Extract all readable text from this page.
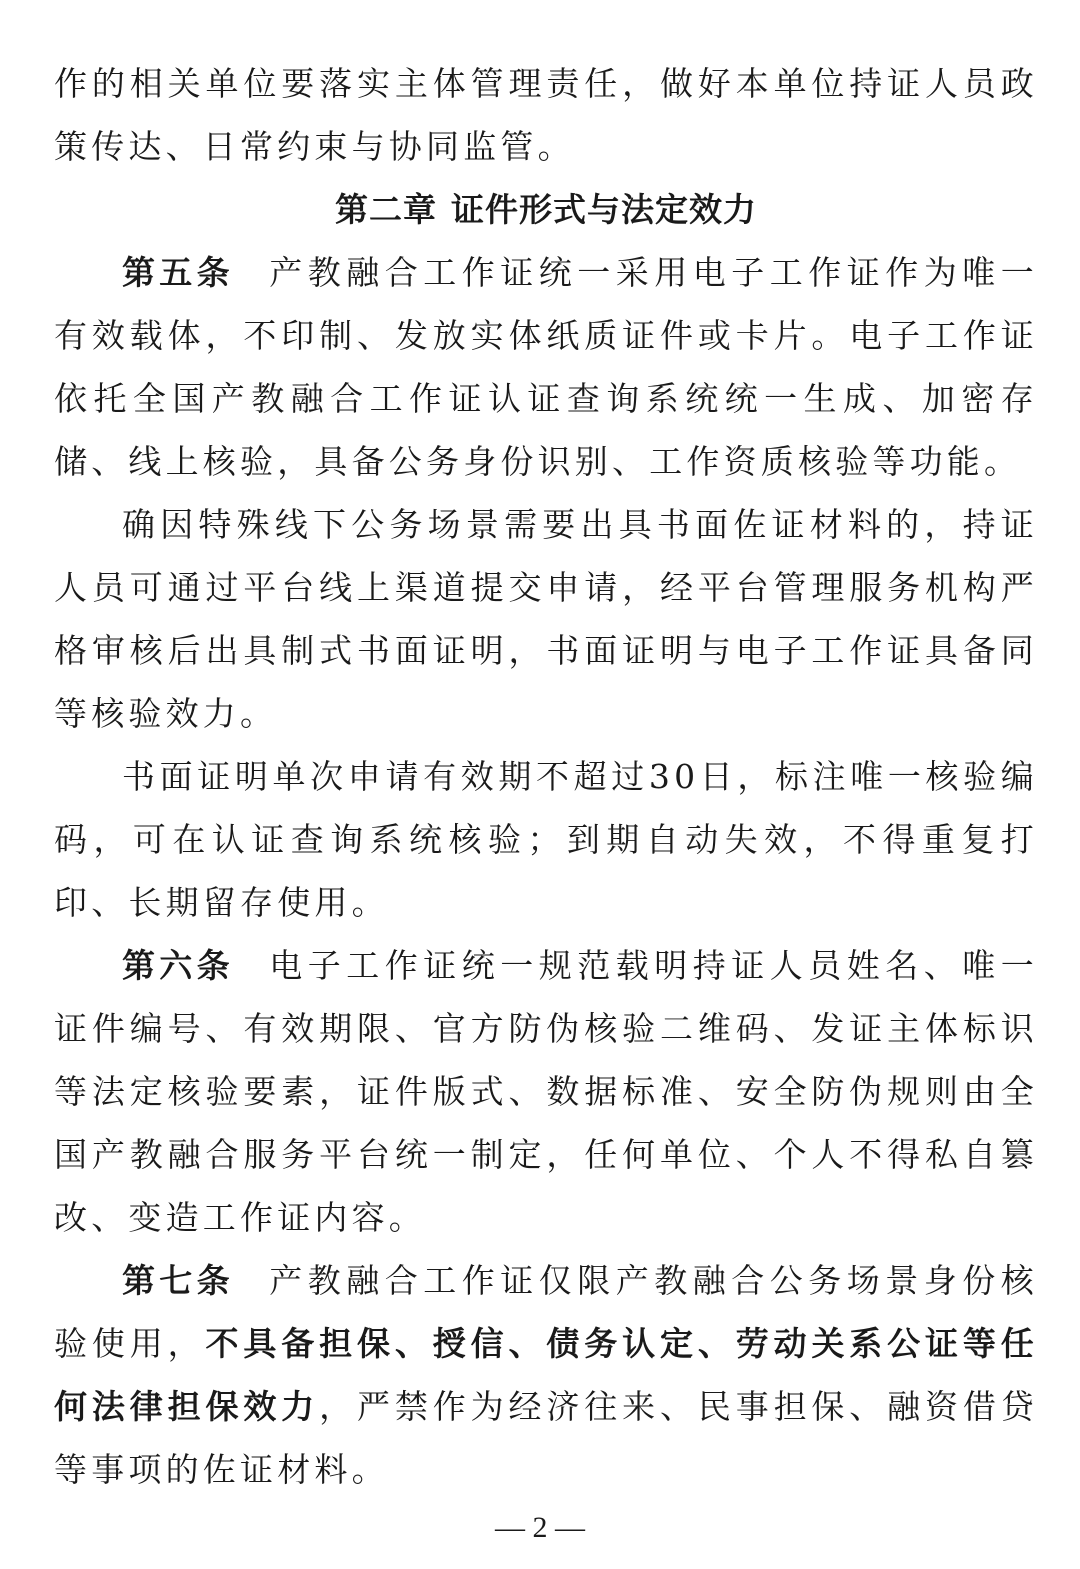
作的相关单位要落实主体管理责任，做好本单位持证人员政策传达、日常约束与协同监管。

第二章 证件形式与法定效力

第五条 产教融合工作证统一采用电子工作证作为唯一有效载体，不印制、发放实体纸质证件或卡片。电子工作证依托全国产教融合工作证认证查询系统统一生成、加密存储、线上核验，具备公务身份识别、工作资质核验等功能。

确因特殊线下公务场景需要出具书面佐证材料的，持证人员可通过平台线上渠道提交申请，经平台管理服务机构严格审核后出具制式书面证明，书面证明与电子工作证具备同等核验效力。

书面证明单次申请有效期不超过30日，标注唯一核验编码，可在认证查询系统核验；到期自动失效，不得重复打印、长期留存使用。

第六条 电子工作证统一规范载明持证人员姓名、唯一证件编号、有效期限、官方防伪核验二维码、发证主体标识等法定核验要素，证件版式、数据标准、安全防伪规则由全国产教融合服务平台统一制定，任何单位、个人不得私自篡改、变造工作证内容。

第七条 产教融合工作证仅限产教融合公务场景身份核验使用，不具备担保、授信、债务认定、劳动关系公证等任何法律担保效力，严禁作为经济往来、民事担保、融资借贷等事项的佐证材料。

— 2 —
